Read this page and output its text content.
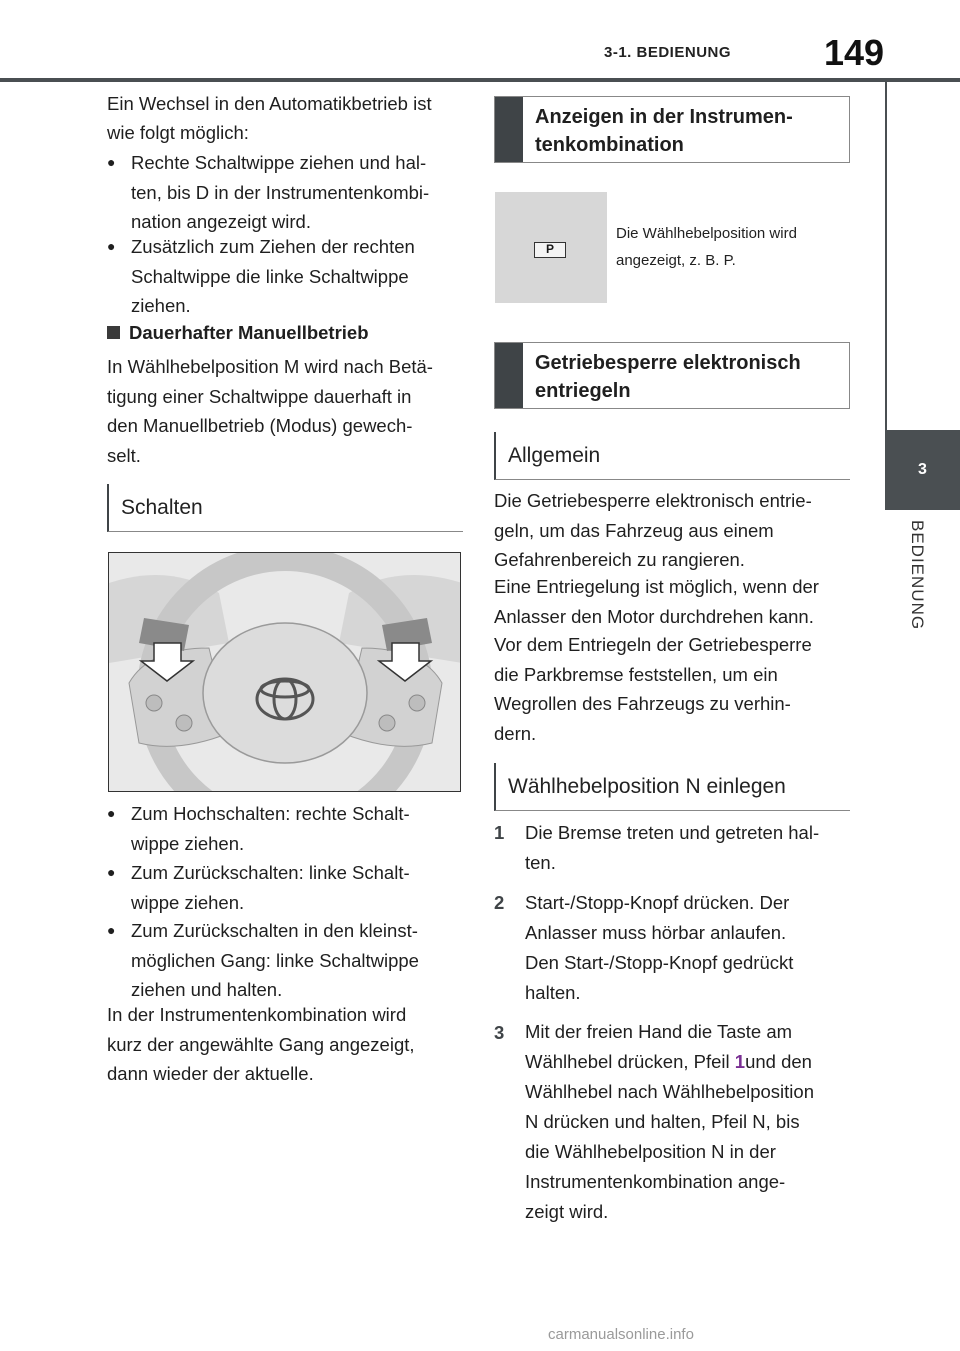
3-1. BEDIENUNG	149
3
BEDIENUNG
Ein Wechsel in den Automatikbetrieb ist
wie folgt möglich:
● Rechte Schaltwippe ziehen und hal-
ten, bis D in der Instrumentenkombi-
nation angezeigt wird.
● Zusätzlich zum Ziehen der rechten
Schaltwippe die linke Schaltwippe
ziehen.
Dauerhafter Manuellbetrieb
In Wählhebelposition M wird nach Betä-
tigung einer Schaltwippe dauerhaft in
den Manuellbetrieb (Modus) gewech-
selt.
Schalten
● Zum Hochschalten: rechte Schalt-
wippe ziehen.
● Zum Zurückschalten: linke Schalt-
wippe ziehen.
● Zum Zurückschalten in den kleinst-
möglichen Gang: linke Schaltwippe
ziehen und halten.
In der Instrumentenkombination wird
kurz der angewählte Gang angezeigt,
dann wieder der aktuelle.
Anzeigen in der Instrumen-
tenkombination
P
Die Wählhebelposition wird
angezeigt, z. B. P.
Getriebesperre elektronisch
entriegeln
Allgemein
Die Getriebesperre elektronisch entrie-
geln, um das Fahrzeug aus einem
Gefahrenbereich zu rangieren.
Eine Entriegelung ist möglich, wenn der
Anlasser den Motor durchdrehen kann.
Vor dem Entriegeln der Getriebesperre
die Parkbremse feststellen, um ein
Wegrollen des Fahrzeugs zu verhin-
dern.
Wählhebelposition N einlegen
1 Die Bremse treten und getreten hal-
ten.
2 Start-/Stopp-Knopf drücken. Der
Anlasser muss hörbar anlaufen.
Den Start-/Stopp-Knopf gedrückt
halten.
3 Mit der freien Hand die Taste am
Wählhebel drücken, Pfeil 1und den
Wählhebel nach Wählhebelposition
N drücken und halten, Pfeil N, bis
die Wählhebelposition N in der
Instrumentenkombination ange-
zeigt wird.
carmanualsonline.info
